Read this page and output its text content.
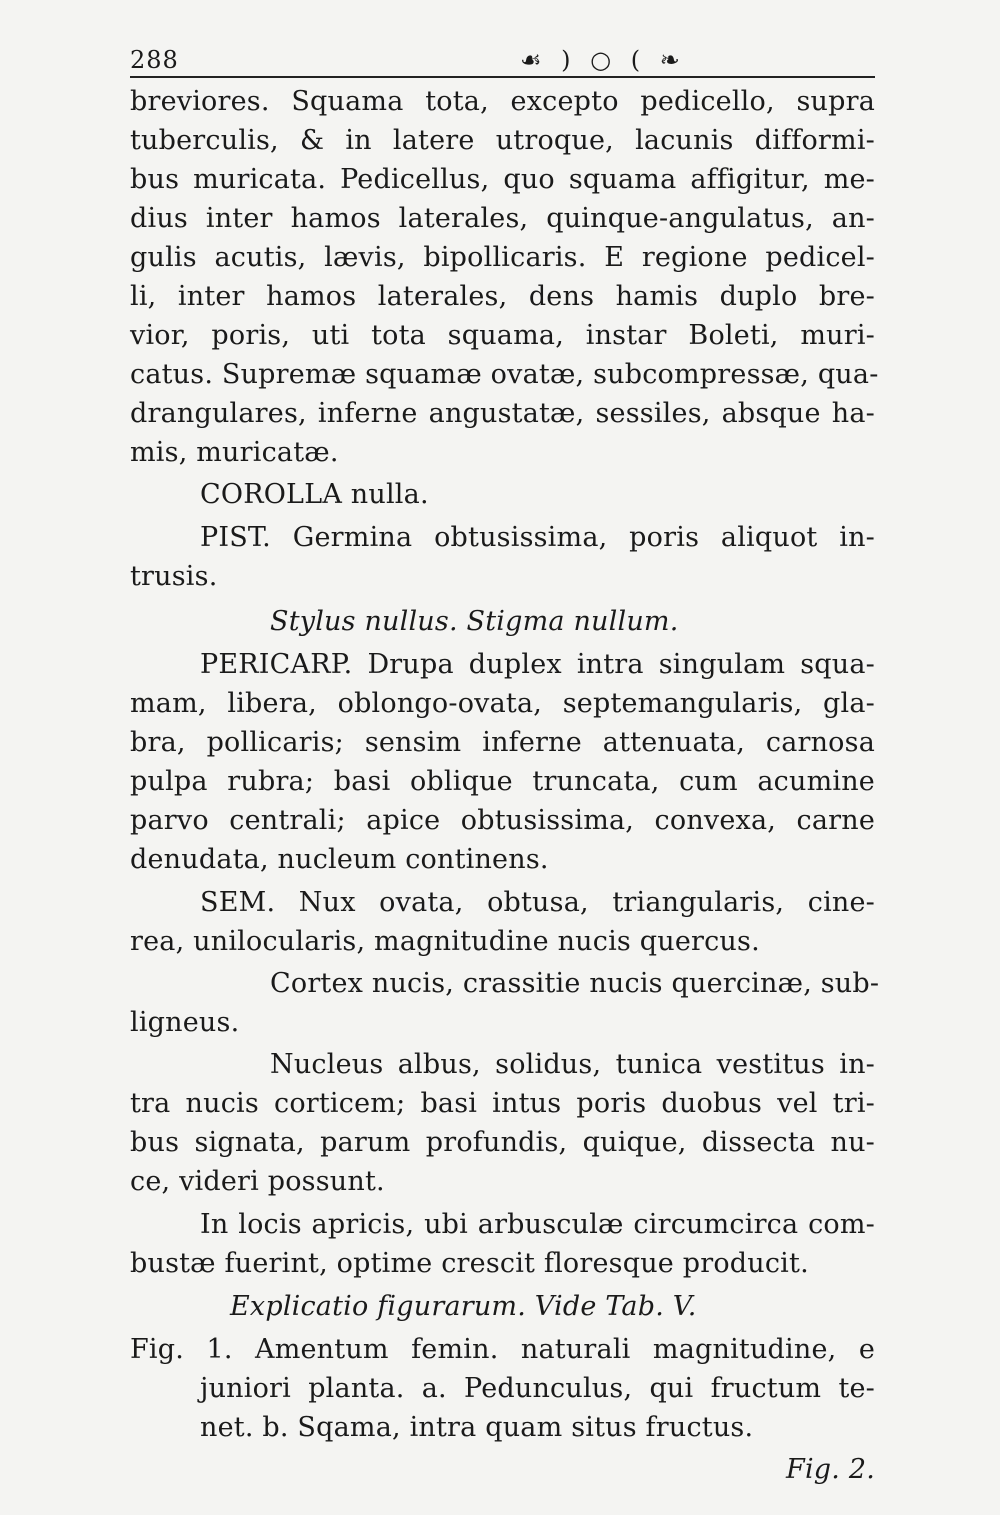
288	☙ ) ○ ( ❧
breviores. Squama tota, excepto pedicello, supra
tuberculis, & in latere utroque, lacunis difformi-
bus muricata. Pedicellus, quo squama affigitur, me-
dius inter hamos laterales, quinque-angulatus, an-
gulis acutis, lævis, bipollicaris. E regione pedicel-
li, inter hamos laterales, dens hamis duplo bre-
vior, poris, uti tota squama, instar Boleti, muri-
catus. Supremæ squamæ ovatæ, subcompressæ, qua-
drangulares, inferne angustatæ, sessiles, absque ha-
mis, muricatæ.
COROLLA nulla.
PIST. Germina obtusissima, poris aliquot in-
trusis.
Stylus nullus. Stigma nullum.
PERICARP. Drupa duplex intra singulam squa-
mam, libera, oblongo-ovata, septemangularis, gla-
bra, pollicaris; sensim inferne attenuata, carnosa
pulpa rubra; basi oblique truncata, cum acumine
parvo centrali; apice obtusissima, convexa, carne
denudata, nucleum continens.
SEM. Nux ovata, obtusa, triangularis, cine-
rea, unilocularis, magnitudine nucis quercus.
Cortex nucis, crassitie nucis quercinæ, sub-
ligneus.
Nucleus albus, solidus, tunica vestitus in-
tra nucis corticem; basi intus poris duobus vel tri-
bus signata, parum profundis, quique, dissecta nu-
ce, videri possunt.
In locis apricis, ubi arbusculæ circumcirca com-
bustæ fuerint, optime crescit floresque producit.
Explicatio figurarum. Vide Tab. V.
Fig. 1. Amentum femin. naturali magnitudine, e
juniori planta. a. Pedunculus, qui fructum te-
net. b. Sqama, intra quam situs fructus.
Fig. 2.
